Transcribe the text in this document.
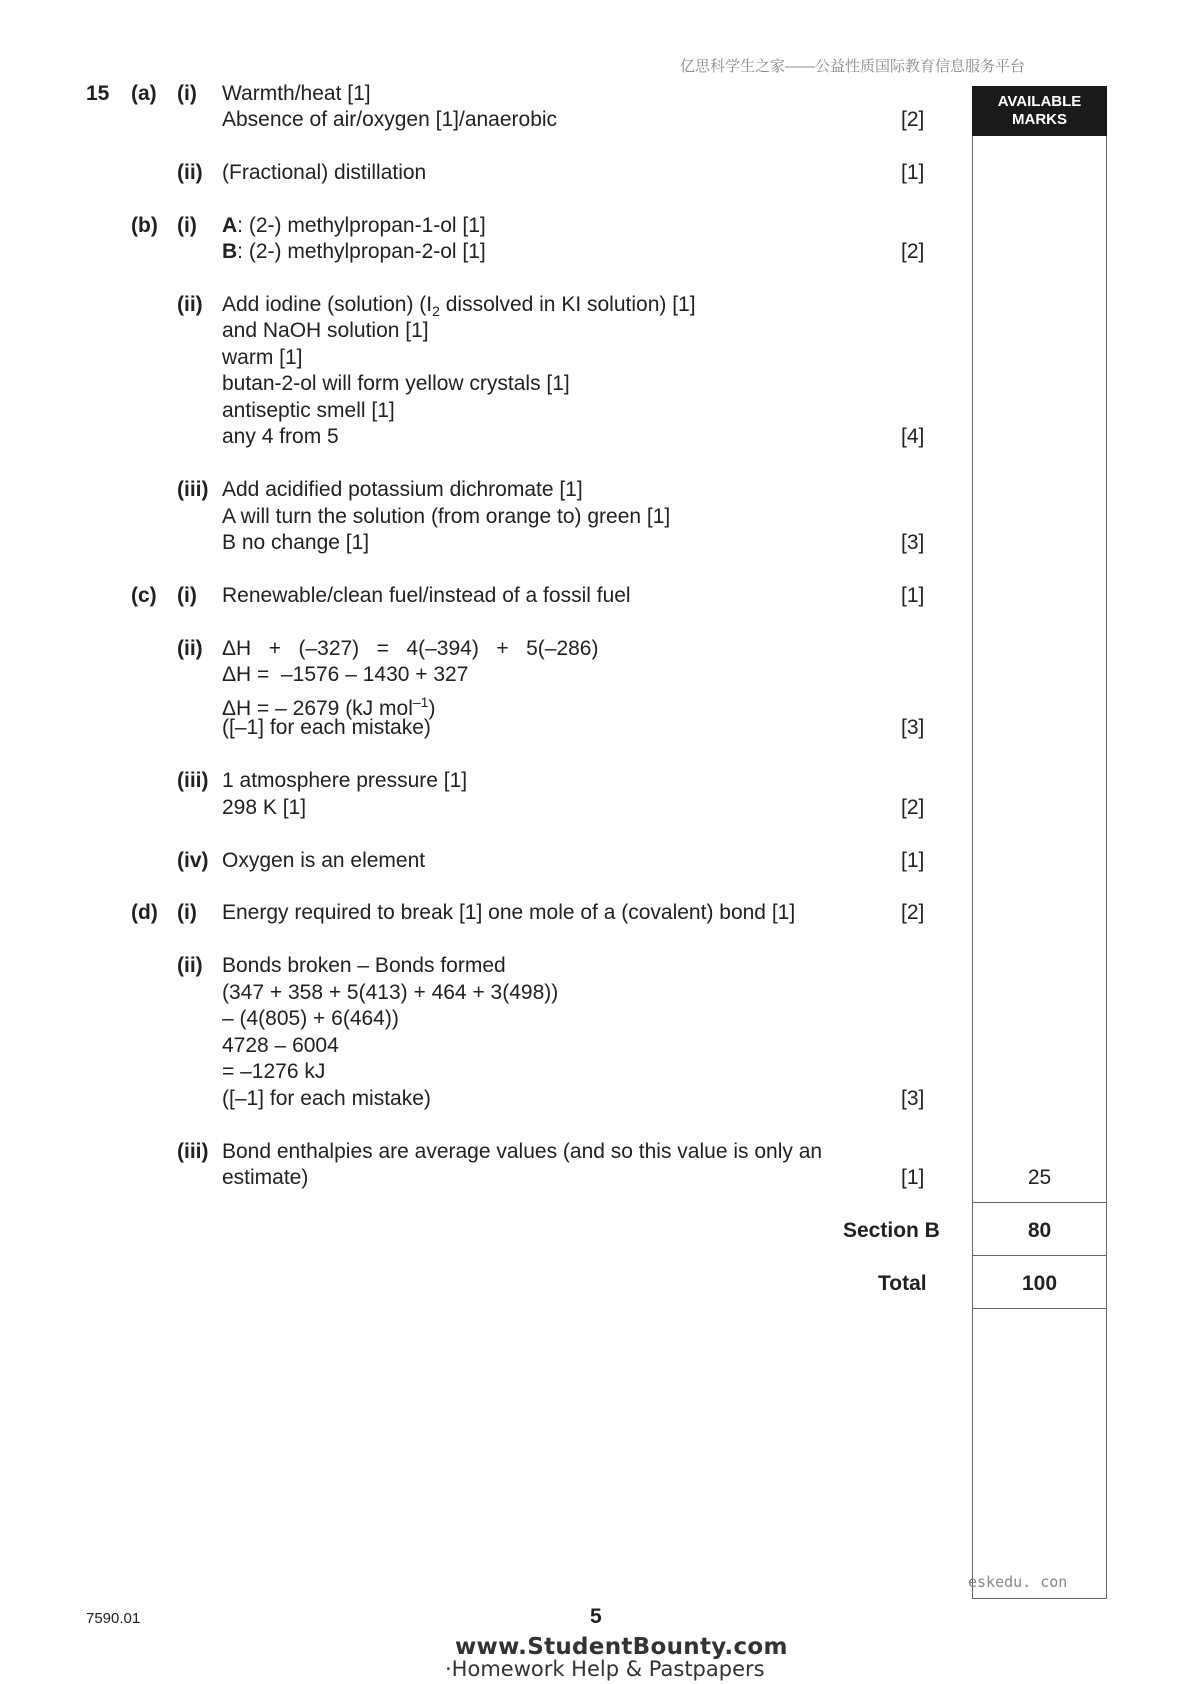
亿思科学生之家——公益性质国际教育信息服务平台
AVAILABLE
MARKS
15 (a) (i) Warmth/heat [1]
Absence of air/oxygen [1]/anaerobic	[2]
(ii) (Fractional) distillation	[1]
(b) (i) A: (2-) methylpropan-1-ol [1]
B: (2-) methylpropan-2-ol [1]	[2]
(ii) Add iodine (solution) ($I_2$ dissolved in KI solution) [1]
and NaOH solution [1]
warm [1]
butan-2-ol will form yellow crystals [1]
antiseptic smell [1]
any 4 from 5	[4]
(iii) Add acidified potassium dichromate [1]
A will turn the solution (from orange to) green [1]
B no change [1]	[3]
(c) (i) Renewable/clean fuel/instead of a fossil fuel	[1]
(ii) ΔH   +   (–327)   =   4(–394)   +   5(–286)
ΔH =  –1576 – 1430 + 327
ΔH = – 2679 (kJ mol$^{-1}$)
([–1] for each mistake)	[3]
(iii) 1 atmosphere pressure [1]
298 K [1]	[2]
(iv) Oxygen is an element	[1]
(d) (i) Energy required to break [1] one mole of a (covalent) bond [1]	[2]
(ii) Bonds broken – Bonds formed
(347 + 358 + 5(413) + 464 + 3(498))
– (4(805) + 6(464))
4728 – 6004
= –1276 kJ
([–1] for each mistake)	[3]
(iii) Bond enthalpies are average values (and so this value is only an
estimate)	[1]	25
Section B	80
Total	100
eskedu. con
7590.01	5
www.StudentBounty.com
·Homework Help & Pastpapers
